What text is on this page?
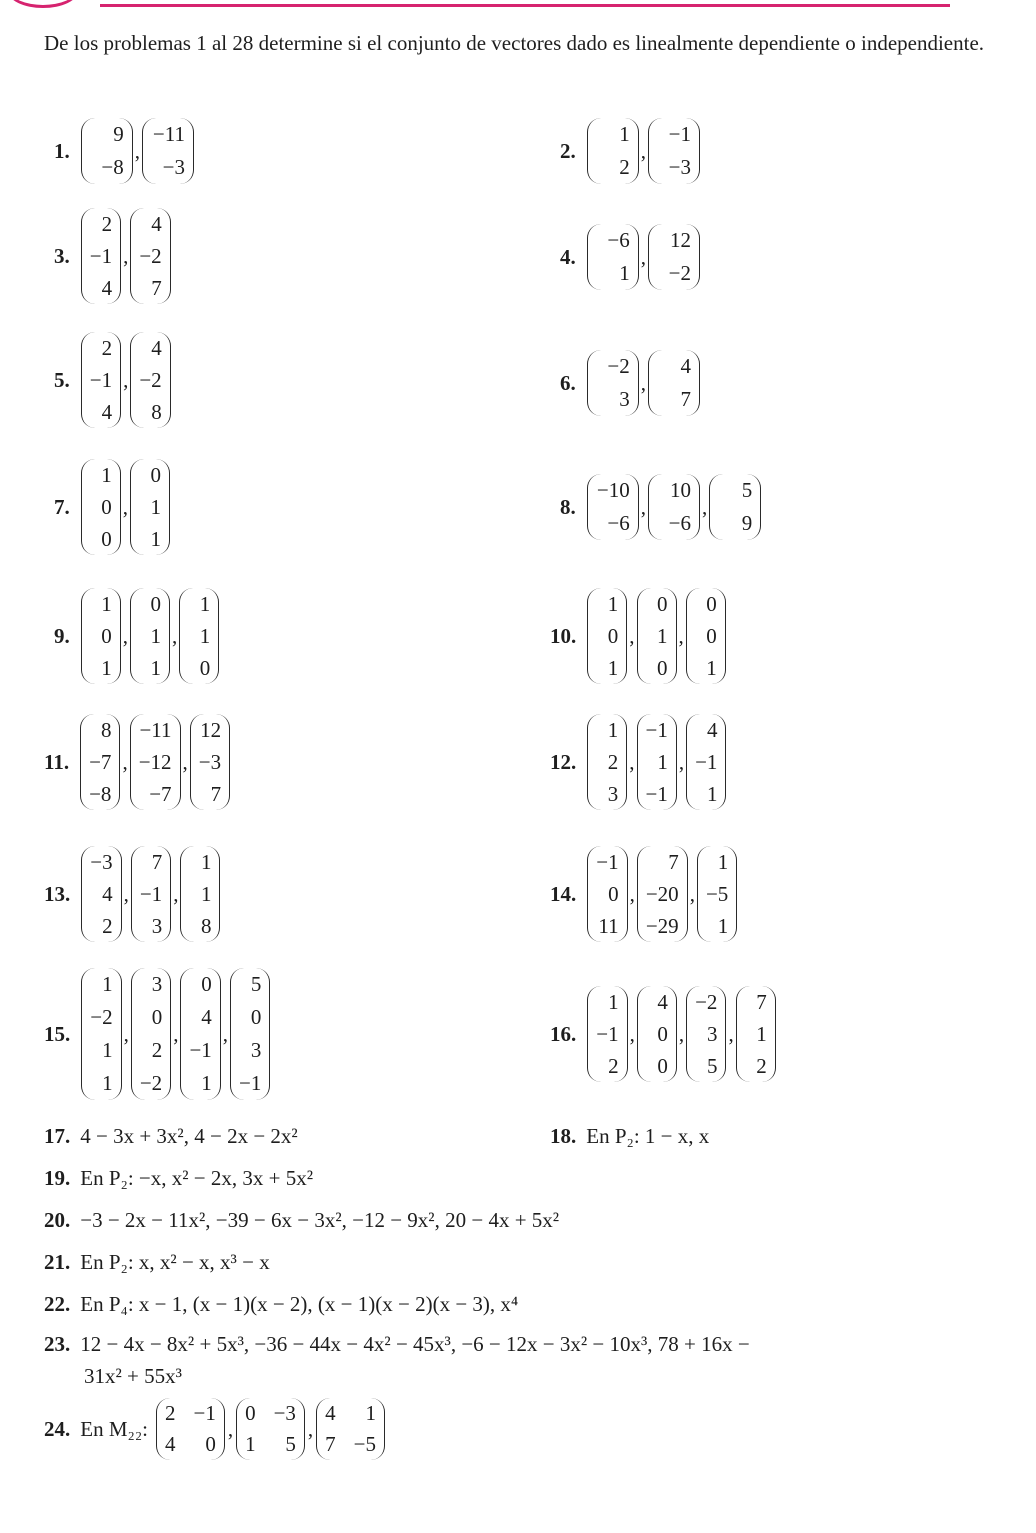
De los problemas 1 al 28 determine si el conjunto de vectores dado es linealmente dependiente o independiente.
1.
9
−8
,
−11
−3
2.
1
2
,
−1
−3
3.
2
−1
4
,
4
−2
7
4.
−6
1
,
12
−2
5.
2
−1
4
,
4
−2
8
6.
−2
3
,
4
7
7.
1
0
0
,
0
1
1
8.
−10
−6
,
10
−6
,
5
9
9.
1
0
1
,
0
1
1
,
1
1
0
10.
1
0
1
,
0
1
0
,
0
0
1
11.
8
−7
−8
,
−11
−12
−7
,
12
−3
7
12.
1
2
3
,
−1
1
−1
,
4
−1
1
13.
−3
4
2
,
7
−1
3
,
1
1
8
14.
−1
0
11
,
7
−20
−29
,
1
−5
1
15.
1
−2
1
1
,
3
0
2
−2
,
0
4
−1
1
,
5
0
3
−1
16.
1
−1
2
,
4
0
0
,
−2
3
5
,
7
1
2
17. 4 − 3x + 3x², 4 − 2x − 2x²	18. En P₂: 1 − x, x
19. En P₂: −x, x² − 2x, 3x + 5x²
20. −3 − 2x − 11x², −39 − 6x − 3x², −12 − 9x², 20 − 4x + 5x²
21. En P₂: x, x² − x, x³ − x
22. En P₄: x − 1, (x − 1)(x − 2), (x − 1)(x − 2)(x − 3), x⁴
23. 12 − 4x − 8x² + 5x³, −36 − 44x − 4x² − 45x³, −6 − 12x − 3x² − 10x³, 78 + 16x −
31x² + 55x³
24. En M₂₂:
2 −1
4	0
,
0 −3
1	5
,
4	1
7 −5
